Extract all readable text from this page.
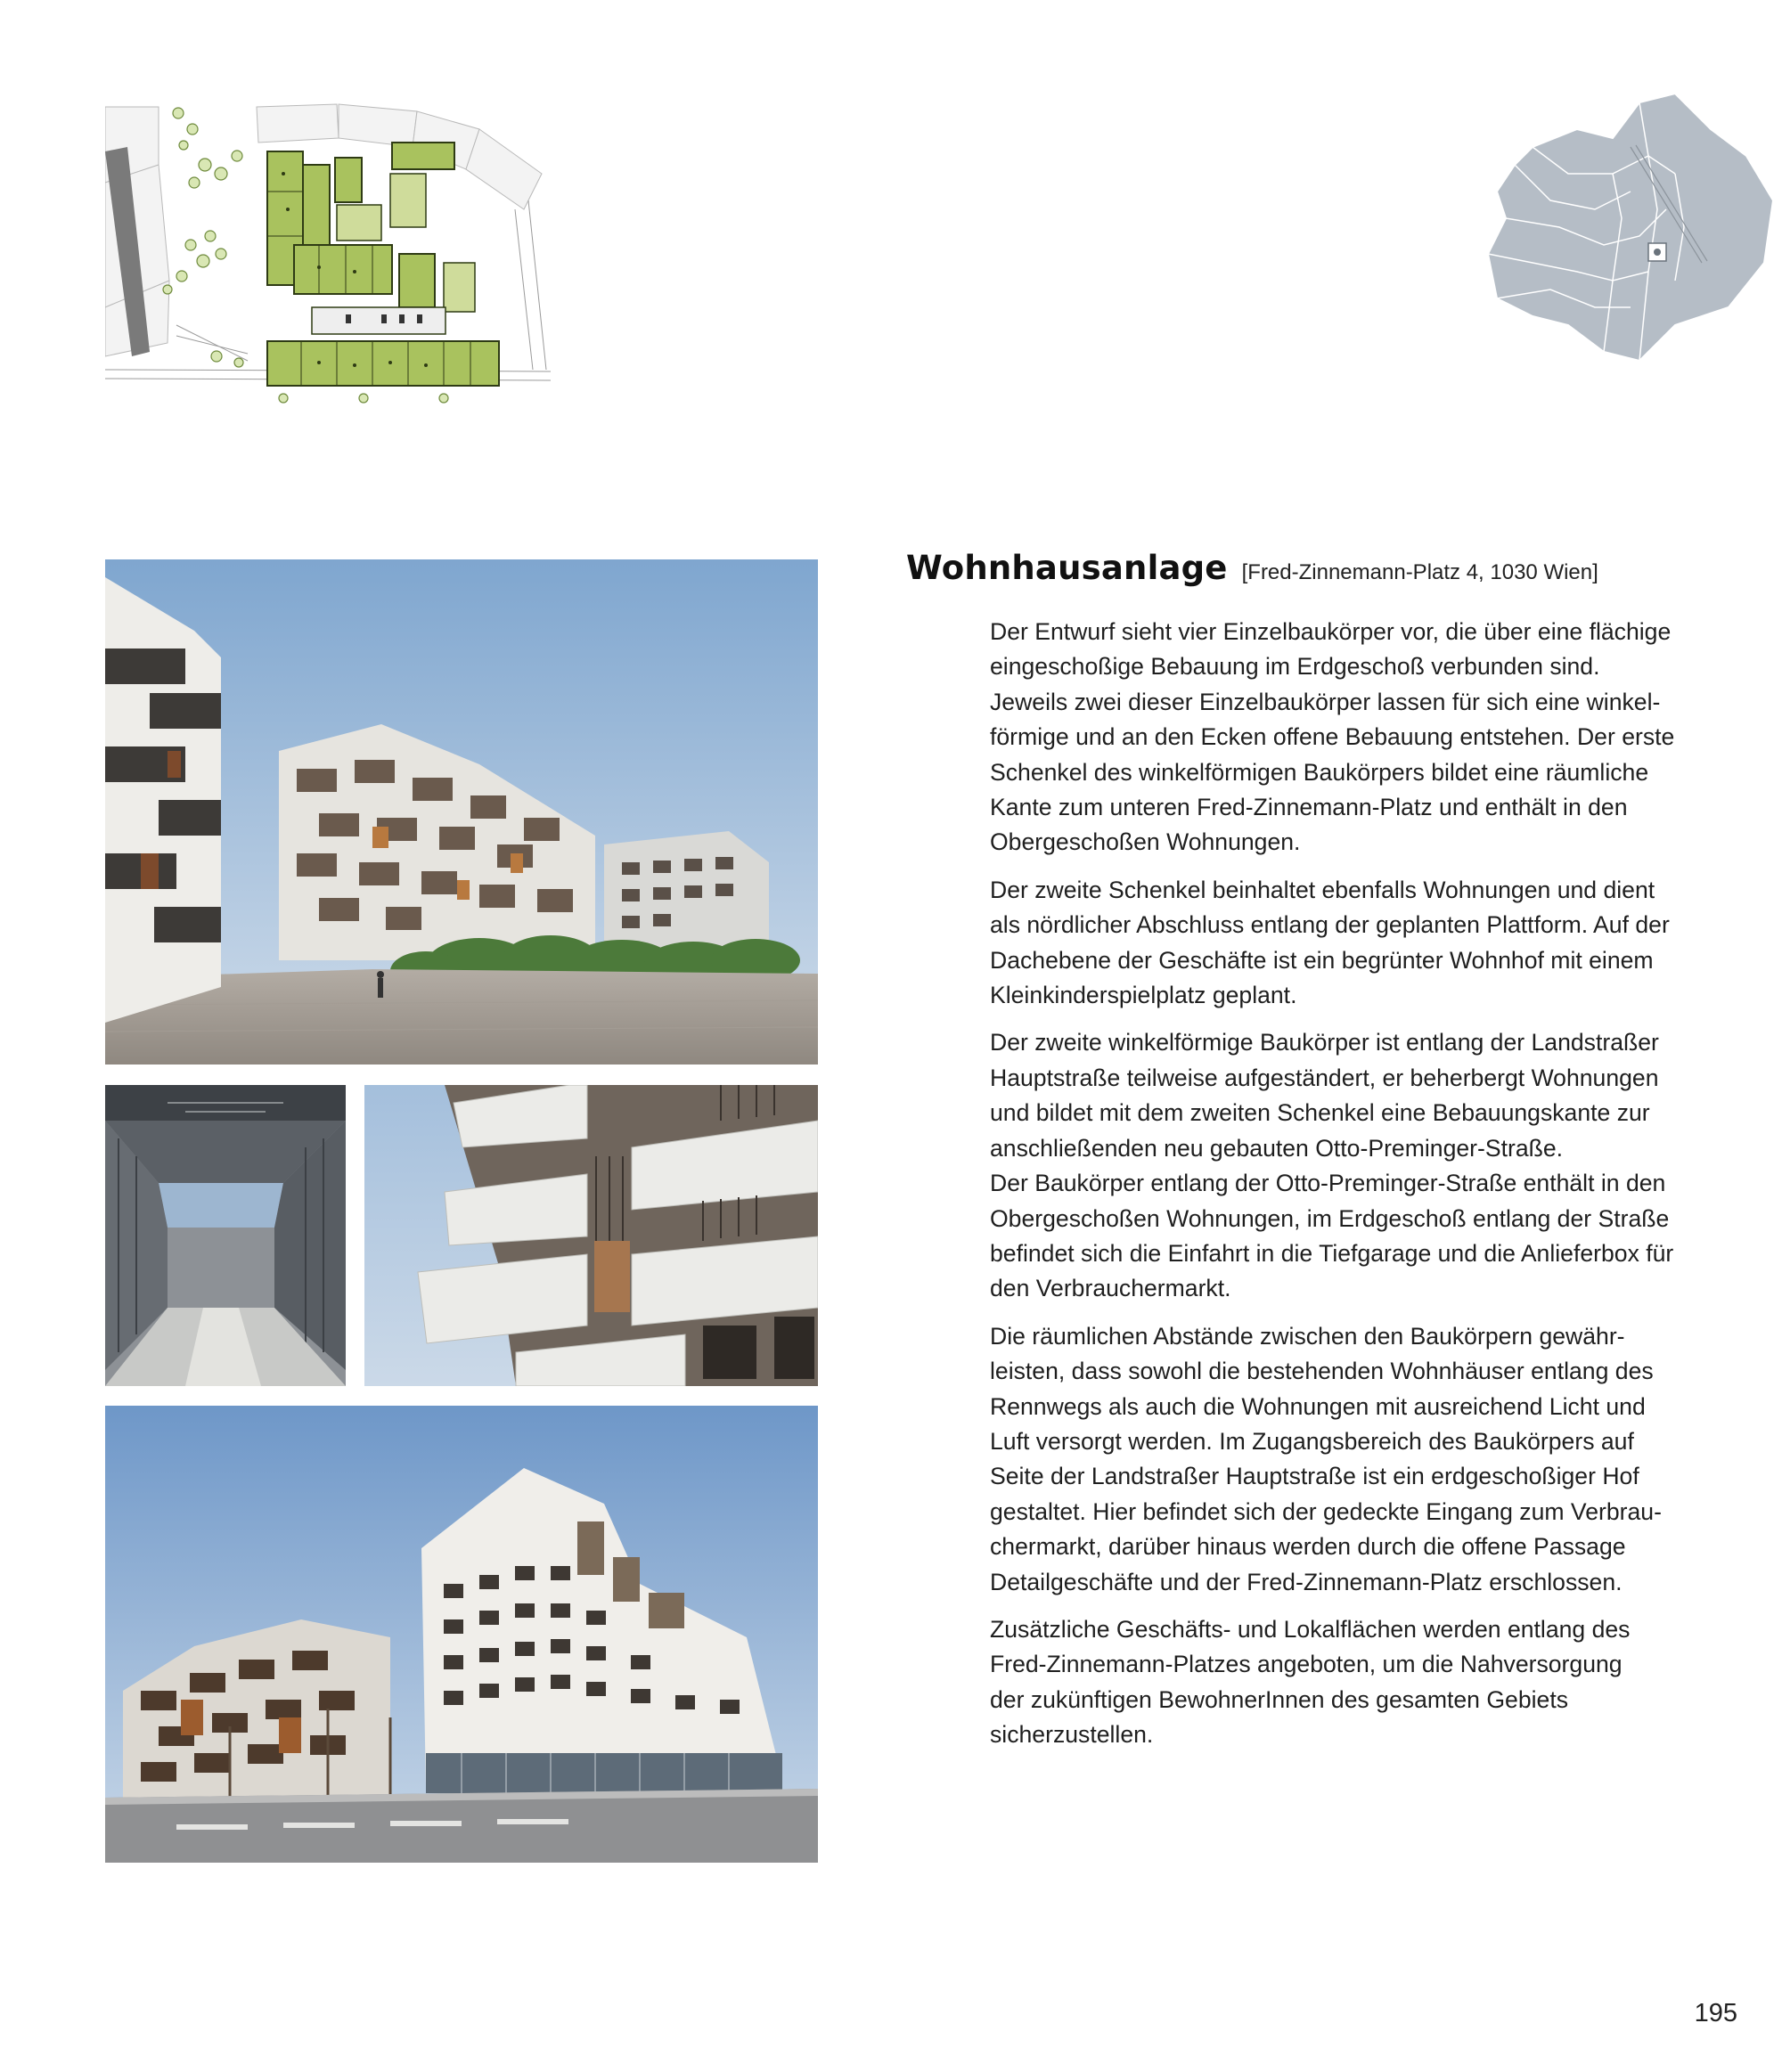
Wohnhausanlage [Fred-Zinnemann-Platz 4, 1030 Wien]

Der Entwurf sieht vier Einzelbaukörper vor, die über eine flächige
eingeschoßige Bebauung im Erdgeschoß verbunden sind.
Jeweils zwei dieser Einzelbaukörper lassen für sich eine winkel-
förmige und an den Ecken offene Bebauung entstehen. Der erste
Schenkel des winkelförmigen Baukörpers bildet eine räumliche
Kante zum unteren Fred-Zinnemann-Platz und enthält in den
Obergeschoßen Wohnungen.

Der zweite Schenkel beinhaltet ebenfalls Wohnungen und dient
als nördlicher Abschluss entlang der geplanten Plattform. Auf der
Dachebene der Geschäfte ist ein begrünter Wohnhof mit einem
Kleinkinderspielplatz geplant.

Der zweite winkelförmige Baukörper ist entlang der Landstraßer
Hauptstraße teilweise aufgeständert, er beherbergt Wohnungen
und bildet mit dem zweiten Schenkel eine Bebauungskante zur
anschließenden neu gebauten Otto-Preminger-Straße.
Der Baukörper entlang der Otto-Preminger-Straße enthält in den
Obergeschoßen Wohnungen, im Erdgeschoß entlang der Straße
befindet sich die Einfahrt in die Tiefgarage und die Anlieferbox für
den Verbrauchermarkt.

Die räumlichen Abstände zwischen den Baukörpern gewähr-
leisten, dass sowohl die bestehenden Wohnhäuser entlang des
Rennwegs als auch die Wohnungen mit ausreichend Licht und
Luft versorgt werden. Im Zugangsbereich des Baukörpers auf
Seite der Landstraßer Hauptstraße ist ein erdgeschoßiger Hof
gestaltet. Hier befindet sich der gedeckte Eingang zum Verbrau-
chermarkt, darüber hinaus werden durch die offene Passage
Detailgeschäfte und der Fred-Zinnemann-Platz erschlossen.

Zusätzliche Geschäfts- und Lokalflächen werden entlang des
Fred-Zinnemann-Platzes angeboten, um die Nahversorgung
der zukünftigen BewohnerInnen des gesamten Gebiets
sicherzustellen.

195
